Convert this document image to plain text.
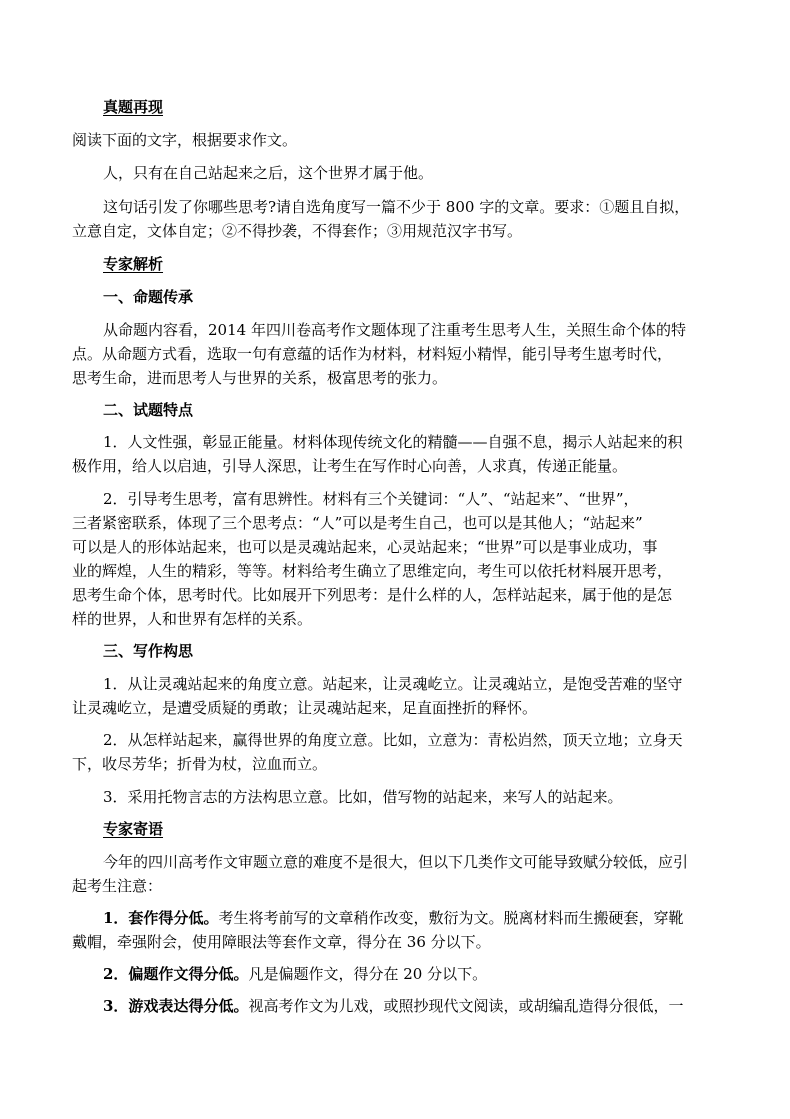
真题再现
阅读下面的文字，根据要求作文。
人，只有在自己站起来之后，这个世界才属于他。
这句话引发了你哪些思考?请自选角度写一篇不少于 800 字的文章。要求：①题且自拟，
立意自定，文体自定；②不得抄袭，不得套作；③用规范汉字书写。
专家解析
一、命题传承
从命题内容看，2014 年四川卷高考作文题体现了注重考生思考人生，关照生命个体的特
点。从命题方式看，选取一句有意蕴的话作为材料，材料短小精悍，能引导考生崽考时代，
思考生命，进而思考人与世界的关系，极富思考的张力。
二、试题特点
1．人文性强，彰显正能量。材料体现传统文化的精髓——自强不息，揭示人站起来的积
极作用，给人以启迪，引导人深思，让考生在写作时心向善，人求真，传递正能量。
2．引导考生思考，富有思辨性。材料有三个关键词：“人”、“站起来”、“世界”，
三者紧密联系，体现了三个思考点：“人”可以是考生自己，也可以是其他人；“站起来”
可以是人的形体站起来，也可以是灵魂站起来，心灵站起来；“世界”可以是事业成功，事
业的辉煌，人生的精彩，等等。材料给考生确立了思维定向，考生可以依托材料展开思考，
思考生命个体，思考时代。比如展开下列思考：是什么样的人，怎样站起来，属于他的是怎
样的世界，人和世界有怎样的关系。
三、写作构思
1．从让灵魂站起来的角度立意。站起来，让灵魂屹立。让灵魂站立，是饱受苦难的坚守
让灵魂屹立，是遭受质疑的勇敢；让灵魂站起来，足直面挫折的释怀。
2．从怎样站起来，赢得世界的角度立意。比如，立意为：青松岿然，顶天立地；立身天
下，收尽芳华；折骨为杖，泣血而立。
3．采用托物言志的方法构思立意。比如，借写物的站起来，来写人的站起来。
专家寄语
今年的四川高考作文审题立意的难度不是很大，但以下几类作文可能导致赋分较低，应引
起考生注意：
1．套作得分低。考生将考前写的文章稍作改变，敷衍为文。脱离材料而生搬硬套，穿靴
戴帽，牵强附会，使用障眼法等套作文章，得分在 36 分以下。
2．偏题作文得分低。凡是偏题作文，得分在 20 分以下。
3．游戏表达得分低。视高考作文为儿戏，或照抄现代文阅读，或胡编乱造得分很低，一
